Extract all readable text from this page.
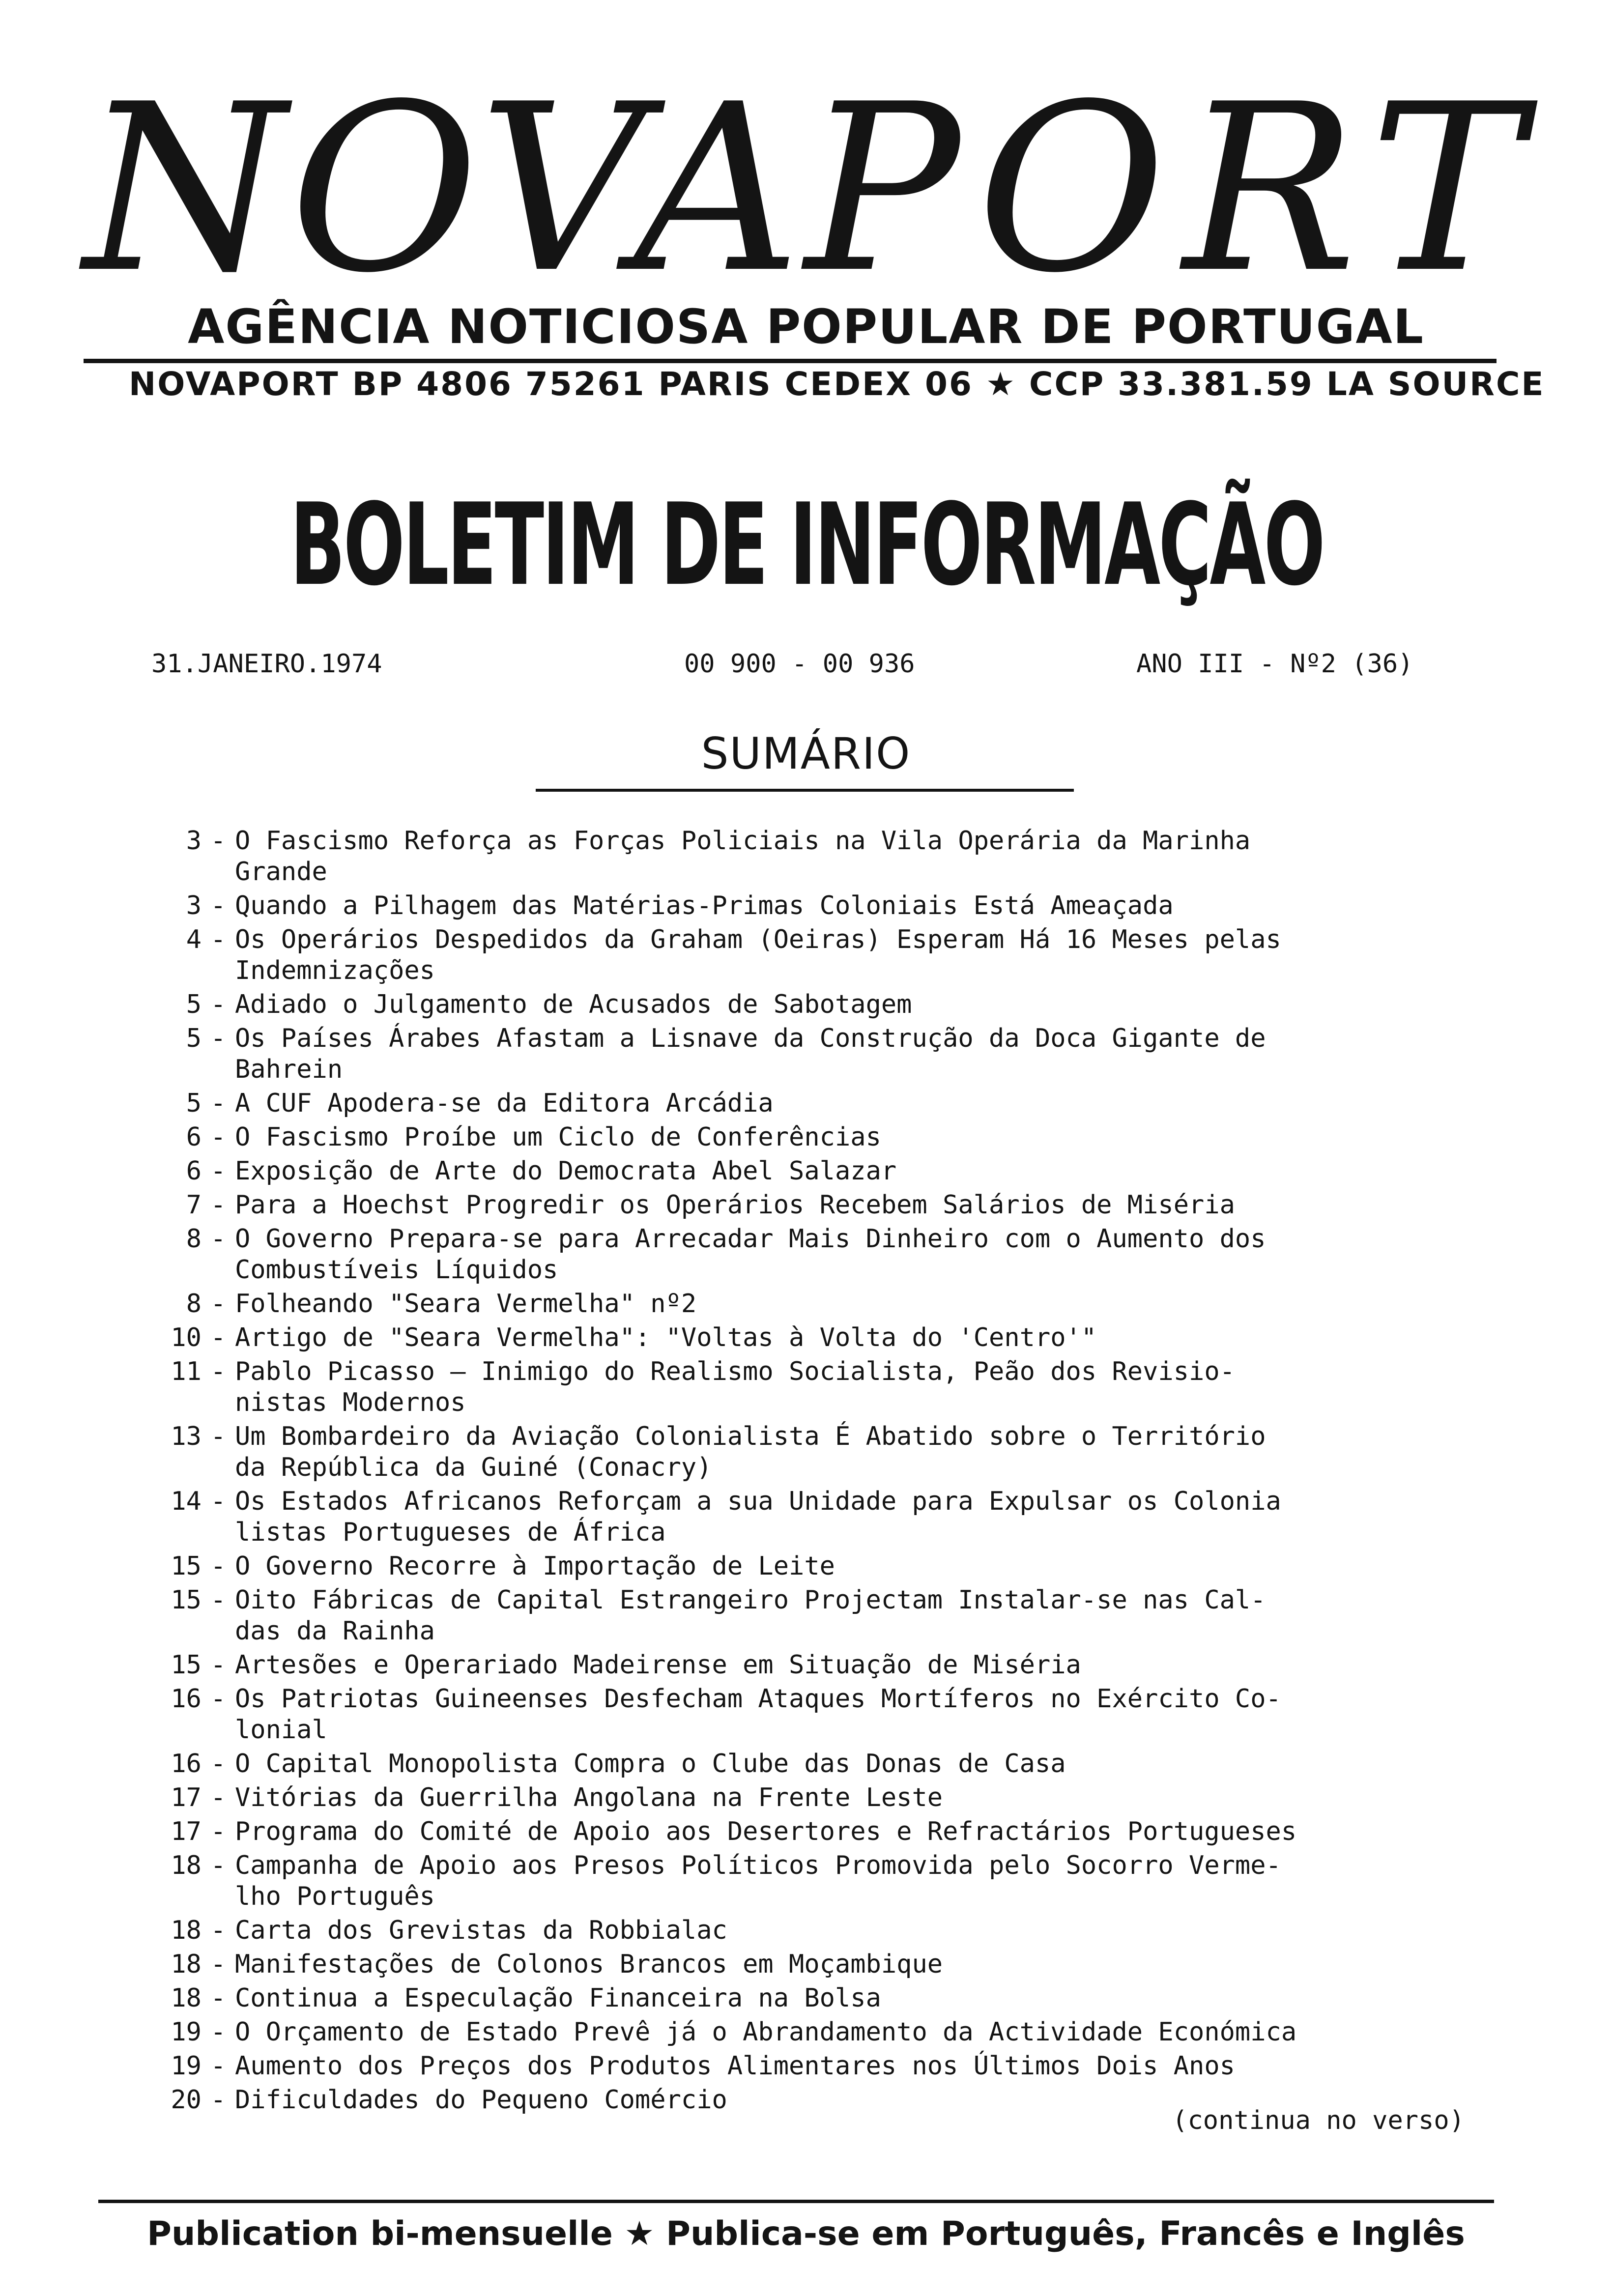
NOVAPORT
AGÊNCIA NOTICIOSA POPULAR DE PORTUGAL
NOVAPORT BP 4806 75261 PARIS CEDEX 06 ★ CCP 33.381.59 LA SOURCE
BOLETIM DE INFORMAÇÃO
31.JANEIRO.1974	00 900 - 00 936	ANO III - Nº2 (36)
SUMÁRIO
3 - O Fascismo Reforça as Forças Policiais na Vila Operária da Marinha
Grande
3 - Quando a Pilhagem das Matérias-Primas Coloniais Está Ameaçada
4 - Os Operários Despedidos da Graham (Oeiras) Esperam Há 16 Meses pelas
Indemnizações
5 - Adiado o Julgamento de Acusados de Sabotagem
5 - Os Países Árabes Afastam a Lisnave da Construção da Doca Gigante de
Bahrein
5 - A CUF Apodera-se da Editora Arcádia
6 - O Fascismo Proíbe um Ciclo de Conferências
6 - Exposição de Arte do Democrata Abel Salazar
7 - Para a Hoechst Progredir os Operários Recebem Salários de Miséria
8 - O Governo Prepara-se para Arrecadar Mais Dinheiro com o Aumento dos
Combustíveis Líquidos
8 - Folheando "Seara Vermelha" nº2
10 - Artigo de "Seara Vermelha": "Voltas à Volta do 'Centro'"
11 - Pablo Picasso — Inimigo do Realismo Socialista, Peão dos Revisio-
nistas Modernos
13 - Um Bombardeiro da Aviação Colonialista É Abatido sobre o Território
da República da Guiné (Conacry)
14 - Os Estados Africanos Reforçam a sua Unidade para Expulsar os Colonia
listas Portugueses de África
15 - O Governo Recorre à Importação de Leite
15 - Oito Fábricas de Capital Estrangeiro Projectam Instalar-se nas Cal-
das da Rainha
15 - Artesões e Operariado Madeirense em Situação de Miséria
16 - Os Patriotas Guineenses Desfecham Ataques Mortíferos no Exército Co-
lonial
16 - O Capital Monopolista Compra o Clube das Donas de Casa
17 - Vitórias da Guerrilha Angolana na Frente Leste
17 - Programa do Comité de Apoio aos Desertores e Refractários Portugueses
18 - Campanha de Apoio aos Presos Políticos Promovida pelo Socorro Verme-
lho Português
18 - Carta dos Grevistas da Robbialac
18 - Manifestações de Colonos Brancos em Moçambique
18 - Continua a Especulação Financeira na Bolsa
19 - O Orçamento de Estado Prevê já o Abrandamento da Actividade Económica
19 - Aumento dos Preços dos Produtos Alimentares nos Últimos Dois Anos
20 - Dificuldades do Pequeno Comércio
(continua no verso)
Publication bi-mensuelle ★ Publica-se em Português, Francês e Inglês
